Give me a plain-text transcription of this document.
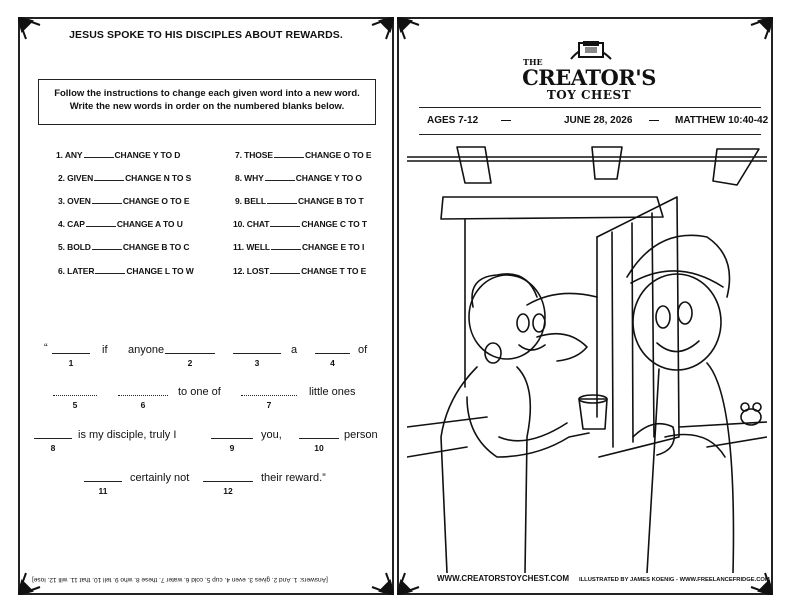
JESUS SPOKE TO HIS DISCIPLES ABOUT REWARDS.
Follow the instructions to change each given word into a new word.
Write the new words in order on the numbered blanks below.
1. ANY	CHANGE Y TO D
2. GIVEN	CHANGE N TO S
3. OVEN	CHANGE O TO E
4. CAP	CHANGE A TO U
5. BOLD	CHANGE B TO C
6. LATER	CHANGE L TO W
7. THOSE	CHANGE O TO E
8. WHY	CHANGE Y TO O
9. BELL	CHANGE B TO T
10. CHAT	CHANGE C TO T
11. WELL	CHANGE E TO I
12. LOST	CHANGE T TO E
“
1
if anyone
2	3
a
4
of
5	6
to one of
7
little ones
8
is my disciple, truly I
9
you,
10
person
11
certainly not
12
their reward.”
[Answers: 1. And 2. gives 3. even 4. cup 5. cold 6. water 7. these 8. who 9. tell 10. that 11. will 12. lose]
THE
CREATOR'S
TOY CHEST
AGES 7-12 —	JUNE 28, 2026 — MATTHEW 10:40-42
WWW.CREATORSTOYCHEST.COM ILLUSTRATED BY JAMES KOENIG - WWW.FREELANCEFRIDGE.COM
